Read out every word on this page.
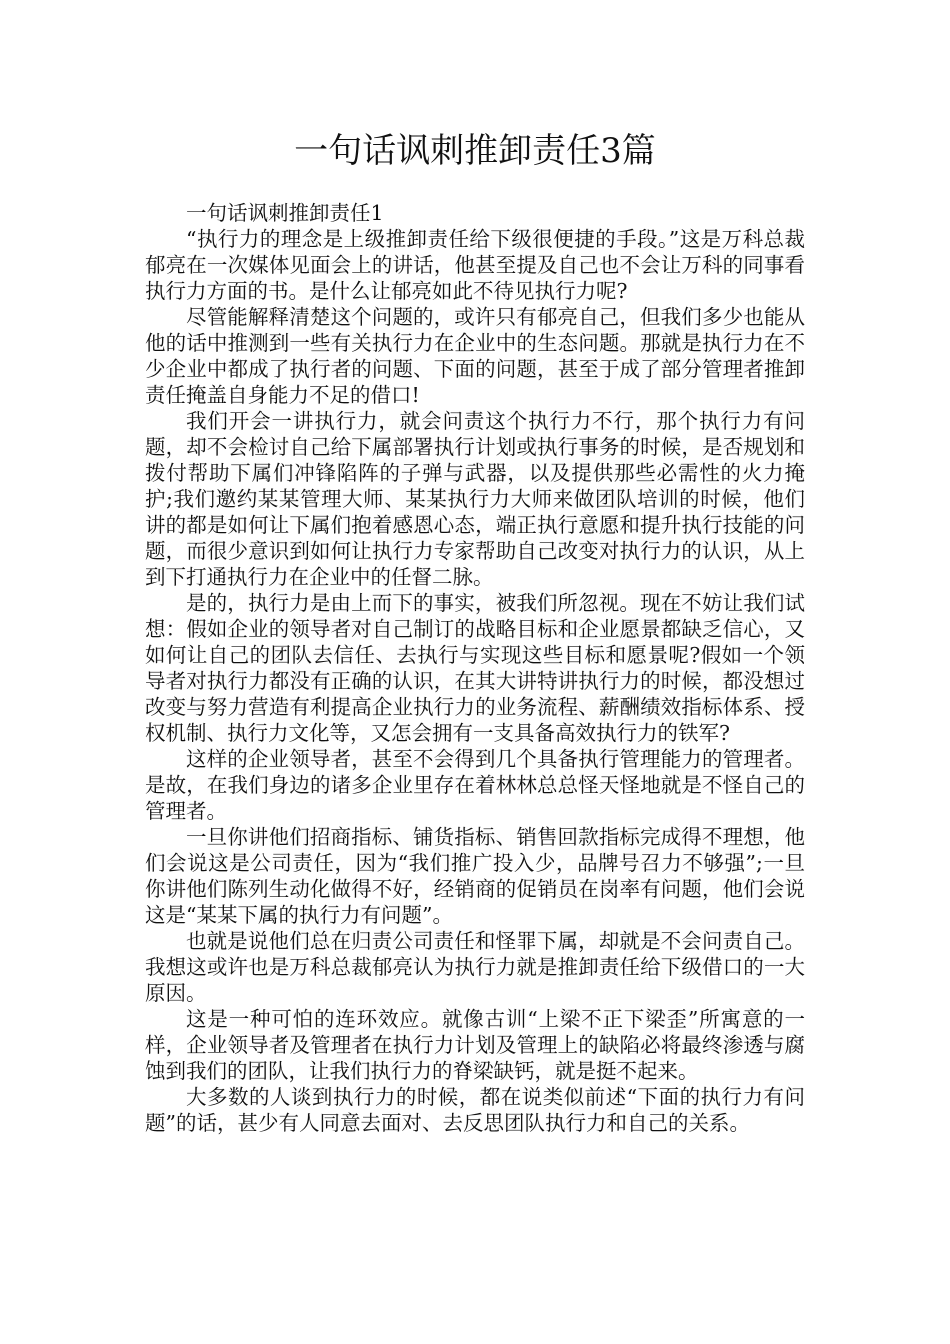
一句话讽刺推卸责任3篇

一句话讽刺推卸责任1

“执行力的理念是上级推卸责任给下级很便捷的手段。”这是万科总裁郁亮在一次媒体见面会上的讲话，他甚至提及自己也不会让万科的同事看执行力方面的书。是什么让郁亮如此不待见执行力呢?

尽管能解释清楚这个问题的，或许只有郁亮自己，但我们多少也能从他的话中推测到一些有关执行力在企业中的生态问题。那就是执行力在不少企业中都成了执行者的问题、下面的问题，甚至于成了部分管理者推卸责任掩盖自身能力不足的借口!

我们开会一讲执行力，就会问责这个执行力不行，那个执行力有问题，却不会检讨自己给下属部署执行计划或执行事务的时候，是否规划和拨付帮助下属们冲锋陷阵的子弹与武器，以及提供那些必需性的火力掩护;我们邀约某某管理大师、某某执行力大师来做团队培训的时候，他们讲的都是如何让下属们抱着感恩心态，端正执行意愿和提升执行技能的问题，而很少意识到如何让执行力专家帮助自己改变对执行力的认识，从上到下打通执行力在企业中的任督二脉。

是的，执行力是由上而下的事实，被我们所忽视。现在不妨让我们试想：假如企业的领导者对自己制订的战略目标和企业愿景都缺乏信心，又如何让自己的团队去信任、去执行与实现这些目标和愿景呢?假如一个领导者对执行力都没有正确的认识，在其大讲特讲执行力的时候，都没想过改变与努力营造有利提高企业执行力的业务流程、薪酬绩效指标体系、授权机制、执行力文化等，又怎会拥有一支具备高效执行力的铁军?

这样的企业领导者，甚至不会得到几个具备执行管理能力的管理者。是故，在我们身边的诸多企业里存在着林林总总怪天怪地就是不怪自己的管理者。

一旦你讲他们招商指标、铺货指标、销售回款指标完成得不理想，他们会说这是公司责任，因为“我们推广投入少，品牌号召力不够强”;一旦你讲他们陈列生动化做得不好，经销商的促销员在岗率有问题，他们会说这是“某某下属的执行力有问题”。

也就是说他们总在归责公司责任和怪罪下属，却就是不会问责自己。我想这或许也是万科总裁郁亮认为执行力就是推卸责任给下级借口的一大原因。

这是一种可怕的连环效应。就像古训“上梁不正下梁歪”所寓意的一样，企业领导者及管理者在执行力计划及管理上的缺陷必将最终渗透与腐蚀到我们的团队，让我们执行力的脊梁缺钙，就是挺不起来。

大多数的人谈到执行力的时候，都在说类似前述“下面的执行力有问题”的话，甚少有人同意去面对、去反思团队执行力和自己的关系。
